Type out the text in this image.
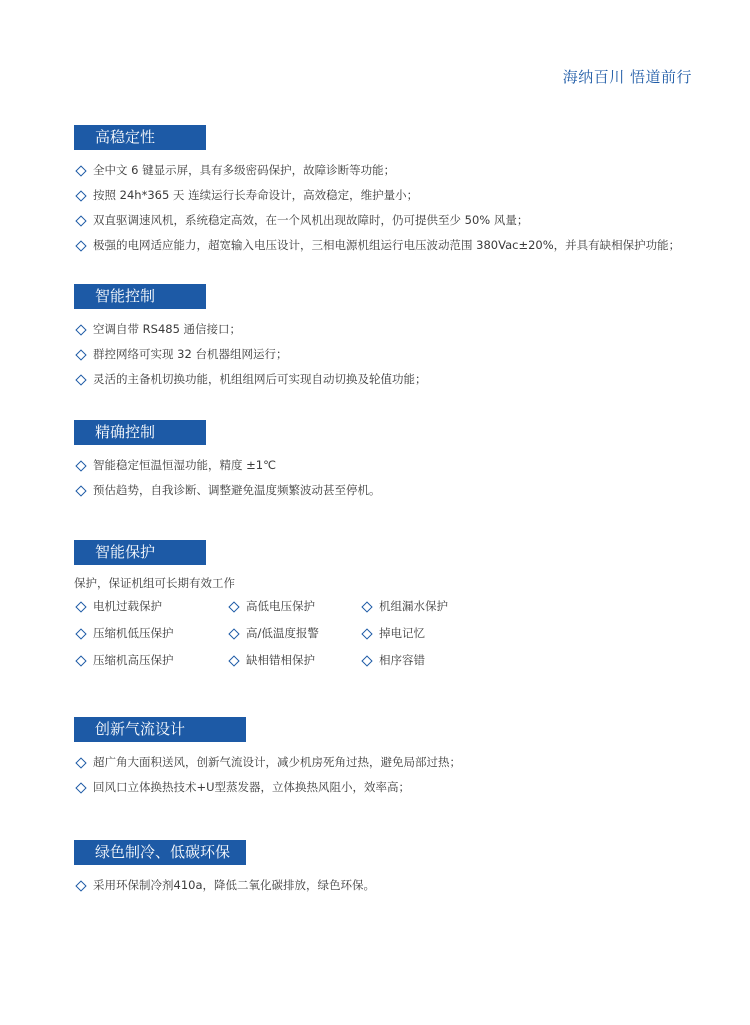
海纳百川 悟道前行
高稳定性
全中文 6 键显示屏，具有多级密码保护，故障诊断等功能；
按照 24h*365 天 连续运行长寿命设计，高效稳定，维护量小；
双直驱调速风机，系统稳定高效，在一个风机出现故障时，仍可提供至少 50% 风量；
极强的电网适应能力，超宽输入电压设计，三相电源机组运行电压波动范围 380Vac±20%，并具有缺相保护功能；
智能控制
空调自带 RS485 通信接口；
群控网络可实现 32 台机器组网运行；
灵活的主备机切换功能，机组组网后可实现自动切换及轮值功能；
精确控制
智能稳定恒温恒湿功能，精度 ±1℃
预估趋势，自我诊断、调整避免温度频繁波动甚至停机。
智能保护
保护，保证机组可长期有效工作
电机过载保护	高低电压保护	机组漏水保护
压缩机低压保护	高/低温度报警	掉电记忆
压缩机高压保护	缺相错相保护	相序容错
创新气流设计
超广角大面积送风，创新气流设计，减少机房死角过热，避免局部过热；
回风口立体换热技术+U型蒸发器，立体换热风阻小，效率高；
绿色制冷、低碳环保
采用环保制冷剂410a，降低二氧化碳排放，绿色环保。
